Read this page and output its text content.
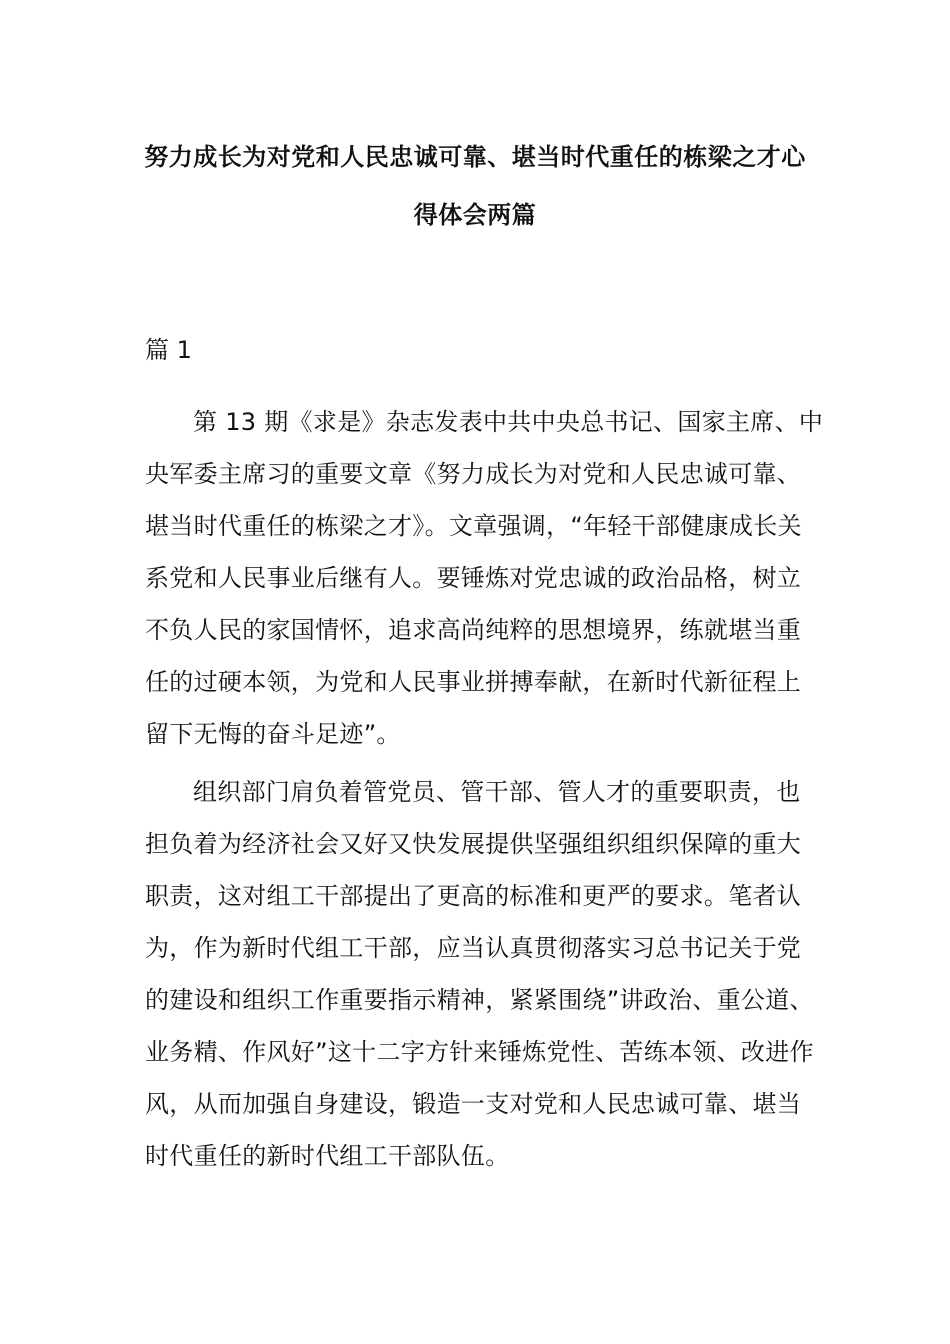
努力成长为对党和人民忠诚可靠、堪当时代重任的栋梁之才心
得体会两篇
篇 1
第 13 期《求是》杂志发表中共中央总书记、国家主席、中
央军委主席习的重要文章《努力成长为对党和人民忠诚可靠、
堪当时代重任的栋梁之才》。文章强调，“年轻干部健康成长关
系党和人民事业后继有人。要锤炼对党忠诚的政治品格，树立
不负人民的家国情怀，追求高尚纯粹的思想境界，练就堪当重
任的过硬本领，为党和人民事业拼搏奉献，在新时代新征程上
留下无悔的奋斗足迹”。
组织部门肩负着管党员、管干部、管人才的重要职责，也
担负着为经济社会又好又快发展提供坚强组织组织保障的重大
职责，这对组工干部提出了更高的标准和更严的要求。笔者认
为，作为新时代组工干部，应当认真贯彻落实习总书记关于党
的建设和组织工作重要指示精神，紧紧围绕”讲政治、重公道、
业务精、作风好”这十二字方针来锤炼党性、苦练本领、改进作
风，从而加强自身建设，锻造一支对党和人民忠诚可靠、堪当
时代重任的新时代组工干部队伍。
